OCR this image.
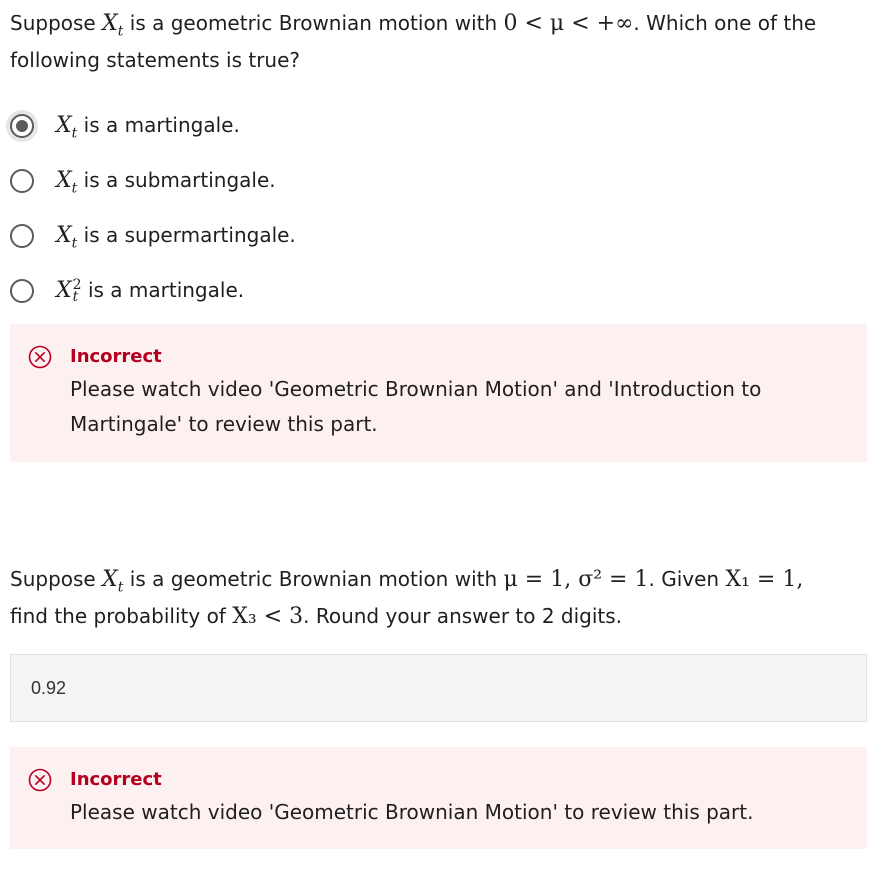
Suppose $X_t$ is a geometric Brownian motion with 0 < μ < +∞. Which one of the following statements is true?
$X_t$ is a martingale.
$X_t$ is a submartingale.
$X_t$ is a supermartingale.
X 2
t is a martingale.
Incorrect
Please watch video 'Geometric Brownian Motion' and 'Introduction to Martingale' to review this part.
Suppose $X_t$ is a geometric Brownian motion with μ = 1, σ² = 1. Given X₁ = 1,
find the probability of X₃ < 3. Round your answer to 2 digits.
0.92
Incorrect
Please watch video 'Geometric Brownian Motion' to review this part.
